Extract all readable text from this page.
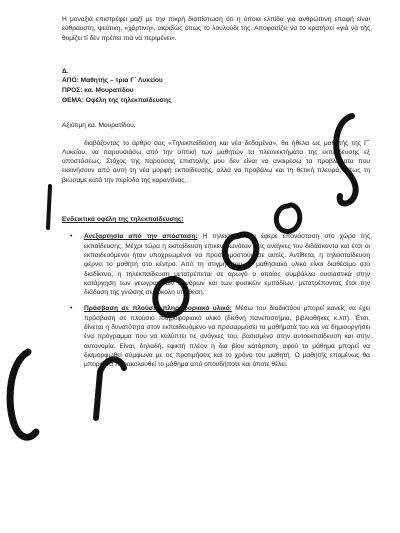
Η μοναξιά επιστρέφει μαζί με την πικρή διαπίστωση ότι η όποια ελπίδα για ανθρώπινη επαφή είναι εύθραυστη, ψεύτικη, «χάρτινη», ακριβώς όπως το λουλούδι της. Αποφασίζει να το κρατήσει «γιὰ νὰ τῆς θυμίζει τί δὲν πρέπει πιὰ νὰ περιμένει».

Δ.

ΑΠΟ: Μαθητής – τρια Γ΄ Λυκείου

ΠΡΟΣ: κα. Μουρατίδου

ΘΕΜΑ: Οφέλη της τηλεκπαίδευσης

Αξιότιμη κα. Μουρατίδου,

διαβάζοντας το άρθρο σας «Τηλεκπαίδευση και νέα δεδομένα», θα ήθελα ως μαθητής της Γ΄ Λυκείου, να παρουσιάσω από την οπτική των μαθητών τα πλεονεκτήματα της εκπαίδευσης εξ αποστάσεως. Στόχος της παρούσας επιστολής μου δεν είναι να αναιρέσω τα προβλήματα που εκκινήσουν από αυτή τη νέα μορφή εκπαίδευσης, αλλά να προβάλω και τη θετική πλευρά, όπως τη βιώσαμε κατά την περίοδο της καραντίνας.

Ενδεικτικά οφέλη της τηλεκπαίδευσης:

• Ανεξαρτησία από την απόσταση: Η τηλεκπαίδευση έφερε επανάσταση στο χώρο της εκπαίδευσης. Μέχρι τώρα η εκπαίδευση επικεντρωνόταν στις ανάγκες του διδάσκοντα και έτσι οι εκπαιδευόμενοι ήταν υποχρεωμένοι να προσαρμοστούν σε αυτές. Αντίθετα, η τηλεκπαίδευση φέρνει το μαθητή στο κέντρο. Από τη στιγμή που το μαθησιακό υλικό είναι διαθέσιμο στο διαδίκτυο, η τηλεκπαίδευση μετατρέπεται σε αρωγό ο οποίος συμβάλλει ουσιαστικά στην κατάργηση των γεωγραφικών συνόρων και των φυσικών εμποδίων, μετατρέποντας έτσι την διάδοση της γνώσης σε εύκολη υπόθεση.
• Πρόσβαση σε πλούσιο πληροφοριακό υλικό: Μέσω του διαδικτύου μπορεί κανείς να έχει πρόσβαση σε πλούσιο πληροφοριακό υλικό (διεθνή πανεπιστήμια, βιβλιοθήκες κ.λπ). Έτσι, δίνεται η δυνατότητα στον εκπαιδευόμενο να προσαρμόσει τα μαθήματά του και να δημιουργήσει ένα πρόγραμμα που να καλύπτει τις ανάγκες του, βασισμένο στην αυτοεκπαίδευση και στην αυτονομία. Είναι, δηλαδή, εφικτή πλέον η δια βίου κατάρτιση, αφού το μάθημα μπορεί να διαμορφωθεί σύμφωνα με τις προτιμήσεις και το χρόνο του μαθητή. Ο μαθητής επομένως θα μπορεί να παρακολουθεί το μάθημα από οπουδήποτε και όποτε θέλει.
